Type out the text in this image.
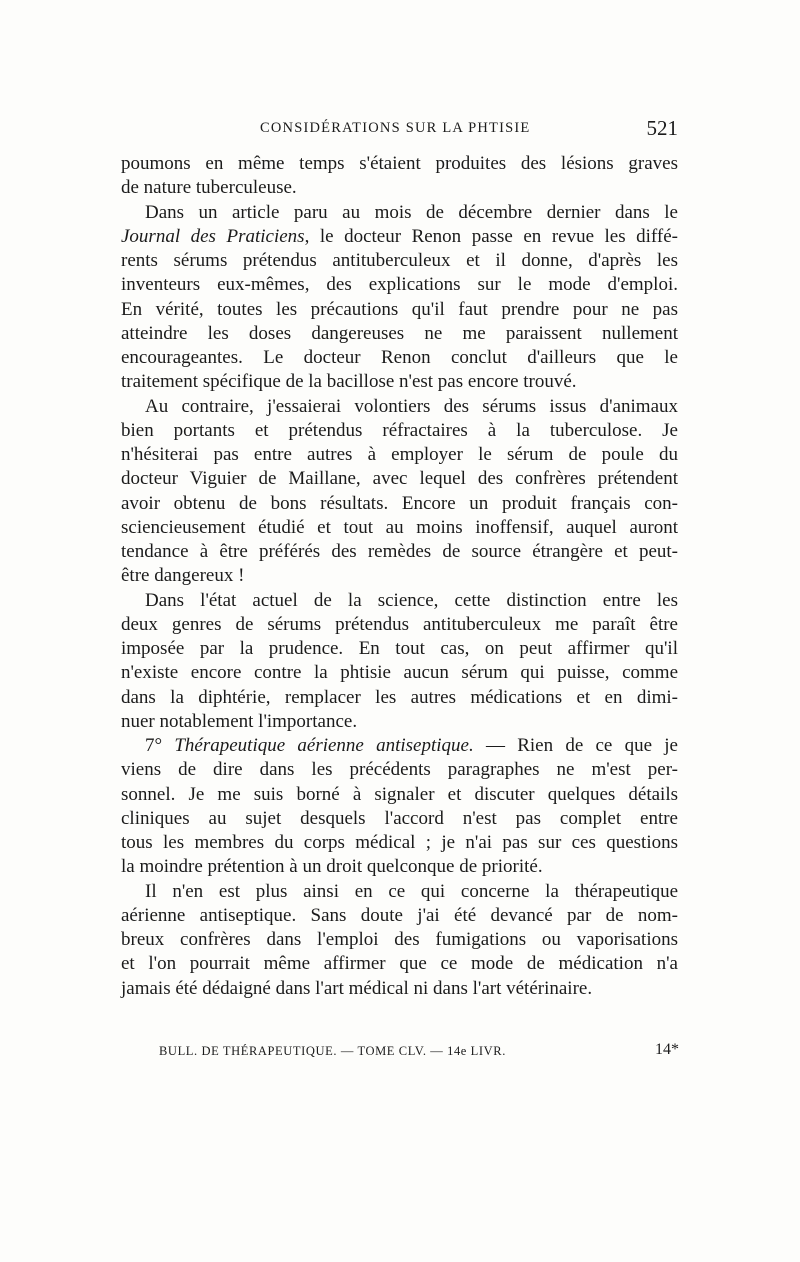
CONSIDÉRATIONS SUR LA PHTISIE	521
poumons en même temps s'étaient produites des lésions graves
de nature tuberculeuse.
Dans un article paru au mois de décembre dernier dans le
Journal des Praticiens, le docteur Renon passe en revue les diffé-
rents sérums prétendus antituberculeux et il donne, d'après les
inventeurs eux-mêmes, des explications sur le mode d'emploi.
En vérité, toutes les précautions qu'il faut prendre pour ne pas
atteindre les doses dangereuses ne me paraissent nullement
encourageantes. Le docteur Renon conclut d'ailleurs que le
traitement spécifique de la bacillose n'est pas encore trouvé.
Au contraire, j'essaierai volontiers des sérums issus d'animaux
bien portants et prétendus réfractaires à la tuberculose. Je
n'hésiterai pas entre autres à employer le sérum de poule du
docteur Viguier de Maillane, avec lequel des confrères prétendent
avoir obtenu de bons résultats. Encore un produit français con-
sciencieusement étudié et tout au moins inoffensif, auquel auront
tendance à être préférés des remèdes de source étrangère et peut-
être dangereux !
Dans l'état actuel de la science, cette distinction entre les
deux genres de sérums prétendus antituberculeux me paraît être
imposée par la prudence. En tout cas, on peut affirmer qu'il
n'existe encore contre la phtisie aucun sérum qui puisse, comme
dans la diphtérie, remplacer les autres médications et en dimi-
nuer notablement l'importance.
7° Thérapeutique aérienne antiseptique. — Rien de ce que je
viens de dire dans les précédents paragraphes ne m'est per-
sonnel. Je me suis borné à signaler et discuter quelques détails
cliniques au sujet desquels l'accord n'est pas complet entre
tous les membres du corps médical ; je n'ai pas sur ces questions
la moindre prétention à un droit quelconque de priorité.
Il n'en est plus ainsi en ce qui concerne la thérapeutique
aérienne antiseptique. Sans doute j'ai été devancé par de nom-
breux confrères dans l'emploi des fumigations ou vaporisations
et l'on pourrait même affirmer que ce mode de médication n'a
jamais été dédaigné dans l'art médical ni dans l'art vétérinaire.
BULL. DE THÉRAPEUTIQUE. — TOME CLV. — 14e LIVR.	14*
